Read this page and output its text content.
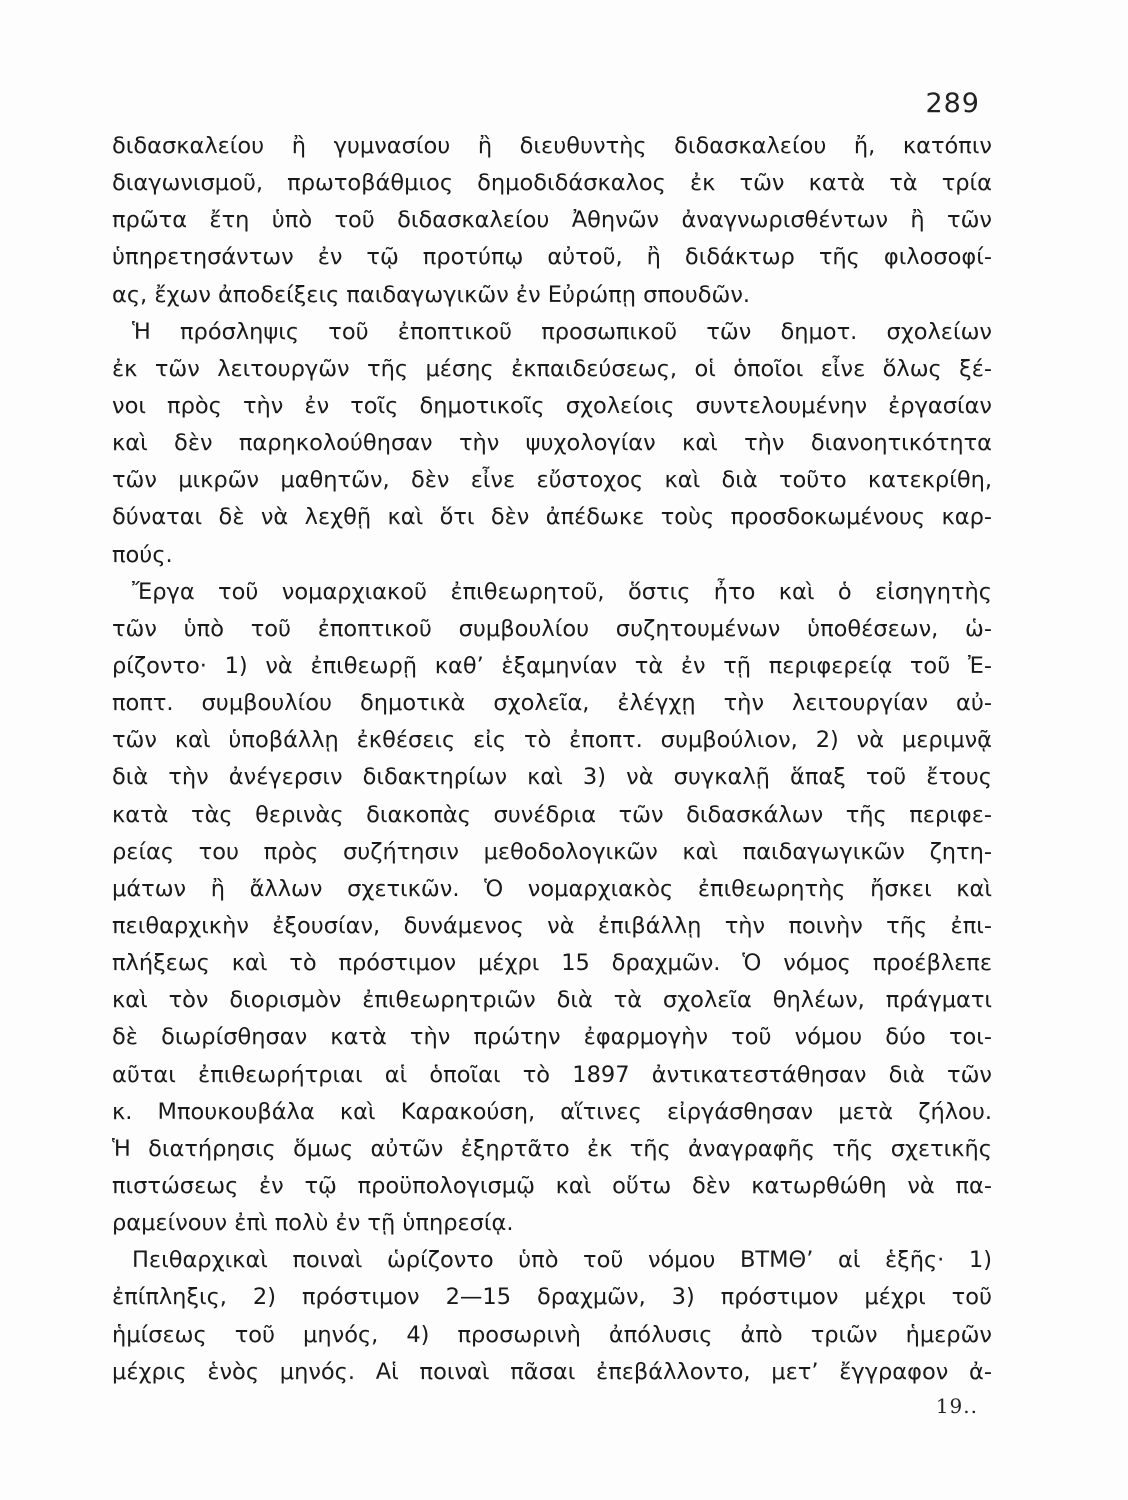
289
διδασκαλείου ἢ γυμνασίου ἢ διευθυντὴς διδασκαλείου ἤ, κατόπιν
διαγωνισμοῦ, πρωτοβάθμιος δημοδιδάσκαλος ἐκ τῶν κατὰ τὰ τρία
πρῶτα ἔτη ὑπὸ τοῦ διδασκαλείου Ἀθηνῶν ἀναγνωρισθέντων ἢ τῶν
ὑπηρετησάντων ἐν τῷ προτύπῳ αὐτοῦ, ἢ διδάκτωρ τῆς φιλοσοφί-
ας, ἔχων ἀποδείξεις παιδαγωγικῶν ἐν Εὐρώπῃ σπουδῶν.
Ἡ πρόσληψις τοῦ ἐποπτικοῦ προσωπικοῦ τῶν δημοτ. σχολείων
ἐκ τῶν λειτουργῶν τῆς μέσης ἐκπαιδεύσεως, οἱ ὁποῖοι εἶνε ὅλως ξέ-
νοι πρὸς τὴν ἐν τοῖς δημοτικοῖς σχολείοις συντελουμένην ἐργασίαν
καὶ δὲν παρηκολούθησαν τὴν ψυχολογίαν καὶ τὴν διανοητικότητα
τῶν μικρῶν μαθητῶν, δὲν εἶνε εὔστοχος καὶ διὰ τοῦτο κατεκρίθη,
δύναται δὲ νὰ λεχθῇ καὶ ὅτι δὲν ἀπέδωκε τοὺς προσδοκωμένους καρ-
πούς.
Ἔργα τοῦ νομαρχιακοῦ ἐπιθεωρητοῦ, ὅστις ἦτο καὶ ὁ εἰσηγητὴς
τῶν ὑπὸ τοῦ ἐποπτικοῦ συμβουλίου συζητουμένων ὑποθέσεων, ὡ-
ρίζοντο· 1) νὰ ἐπιθεωρῇ καθ’ ἑξαμηνίαν τὰ ἐν τῇ περιφερείᾳ τοῦ Ἐ-
ποπτ. συμβουλίου δημοτικὰ σχολεῖα, ἐλέγχῃ τὴν λειτουργίαν αὐ-
τῶν καὶ ὑποβάλλῃ ἐκθέσεις εἰς τὸ ἐποπτ. συμβούλιον, 2) νὰ μεριμνᾷ
διὰ τὴν ἀνέγερσιν διδακτηρίων καὶ 3) νὰ συγκαλῇ ἅπαξ τοῦ ἔτους
κατὰ τὰς θερινὰς διακοπὰς συνέδρια τῶν διδασκάλων τῆς περιφε-
ρείας του πρὸς συζήτησιν μεθοδολογικῶν καὶ παιδαγωγικῶν ζητη-
μάτων ἢ ἄλλων σχετικῶν. Ὁ νομαρχιακὸς ἐπιθεωρητὴς ἤσκει καὶ
πειθαρχικὴν ἐξουσίαν, δυνάμενος νὰ ἐπιβάλλῃ τὴν ποινὴν τῆς ἐπι-
πλήξεως καὶ τὸ πρόστιμον μέχρι 15 δραχμῶν. Ὁ νόμος προέβλεπε
καὶ τὸν διορισμὸν ἐπιθεωρητριῶν διὰ τὰ σχολεῖα θηλέων, πράγματι
δὲ διωρίσθησαν κατὰ τὴν πρώτην ἐφαρμογὴν τοῦ νόμου δύο τοι-
αῦται ἐπιθεωρήτριαι αἱ ὁποῖαι τὸ 1897 ἀντικατεστάθησαν διὰ τῶν
κ. Μπουκουβάλα καὶ Καρακούση, αἵτινες εἰργάσθησαν μετὰ ζήλου.
Ἡ διατήρησις ὅμως αὐτῶν ἐξηρτᾶτο ἐκ τῆς ἀναγραφῆς τῆς σχετικῆς
πιστώσεως ἐν τῷ προϋπολογισμῷ καὶ οὕτω δὲν κατωρθώθη νὰ πα-
ραμείνουν ἐπὶ πολὺ ἐν τῇ ὑπηρεσίᾳ.
Πειθαρχικαὶ ποιναὶ ὡρίζοντο ὑπὸ τοῦ νόμου ΒΤΜΘ’ αἱ ἑξῆς· 1)
ἐπίπληξις, 2) πρόστιμον 2—15 δραχμῶν, 3) πρόστιμον μέχρι τοῦ
ἡμίσεως τοῦ μηνός, 4) προσωρινὴ ἀπόλυσις ἀπὸ τριῶν ἡμερῶν
μέχρις ἑνὸς μηνός. Αἱ ποιναὶ πᾶσαι ἐπεβάλλοντο, μετ’ ἔγγραφον ἀ-
19..
